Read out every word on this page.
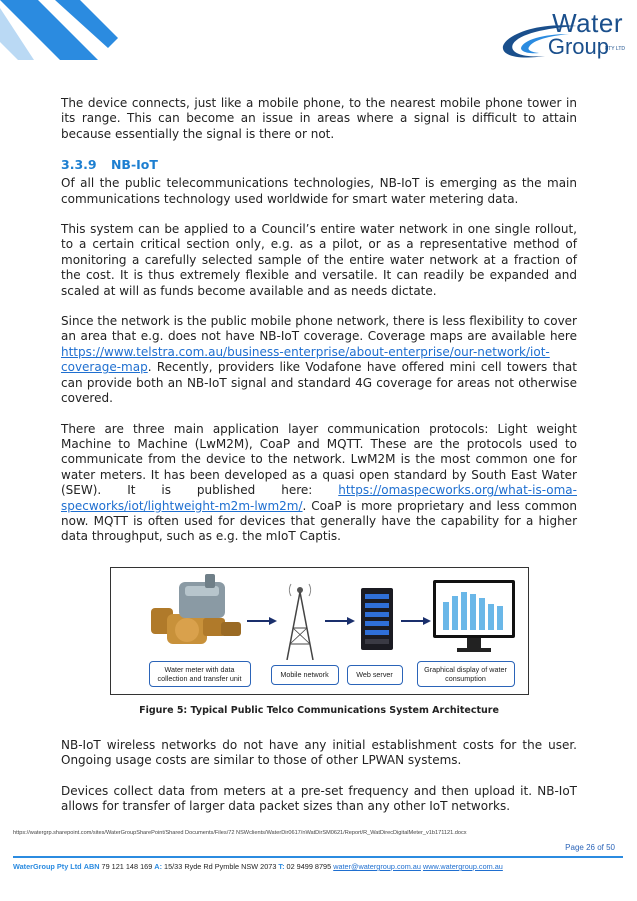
Water
Group
PTY LTD

The device connects, just like a mobile phone, to the nearest mobile phone tower in its range. This can become an issue in areas where a signal is difficult to attain because essentially the signal is there or not.

3.3.9 NB-IoT

Of all the public telecommunications technologies, NB-IoT is emerging as the main communications technology used worldwide for smart water metering data.

This system can be applied to a Council’s entire water network in one single rollout, to a certain critical section only, e.g. as a pilot, or as a representative method of monitoring a carefully selected sample of the entire water network at a fraction of the cost. It is thus extremely flexible and versatile. It can readily be expanded and scaled at will as funds become available and as needs dictate.

Since the network is the public mobile phone network, there is less flexibility to cover an area that e.g. does not have NB-IoT coverage. Coverage maps are available here https://www.telstra.com.au/business-enterprise/about-enterprise/our-network/iot-coverage-map. Recently, providers like Vodafone have offered mini cell towers that can provide both an NB-IoT signal and standard 4G coverage for areas not otherwise covered.

There are three main application layer communication protocols: Light weight Machine to Machine (LwM2M), CoaP and MQTT. These are the protocols used to communicate from the device to the network. LwM2M is the most common one for water meters. It has been developed as a quasi open standard by South East Water (SEW). It is published here: https://omaspecworks.org/what-is-oma-specworks/iot/lightweight-m2m-lwm2m/. CoaP is more proprietary and less common now. MQTT is often used for devices that generally have the capability for a higher data throughput, such as e.g. the mIoT Captis.

Water meter with data collection and transfer unit	Mobile network	Web server
Graphical display of water consumption
Figure 5: Typical Public Telco Communications System Architecture

NB-IoT wireless networks do not have any initial establishment costs for the user. Ongoing usage costs are similar to those of other LPWAN systems.

Devices collect data from meters at a pre-set frequency and then upload it. NB-IoT allows for transfer of larger data packet sizes than any other IoT networks.

https://watergrp.sharepoint.com/sites/WaterGroupSharePoint/Shared Documents/Files/72 NSWclients/WaterDir0617/nWatDirSM0621/Report/R_WatDirecDigitalMeter_v1b171121.docx
Page 26 of 50
WaterGroup Pty Ltd ABN 79 121 148 169 A: 15/33 Ryde Rd Pymble NSW 2073 T: 02 9499 8795 water@watergroup.com.au www.watergroup.com.au
